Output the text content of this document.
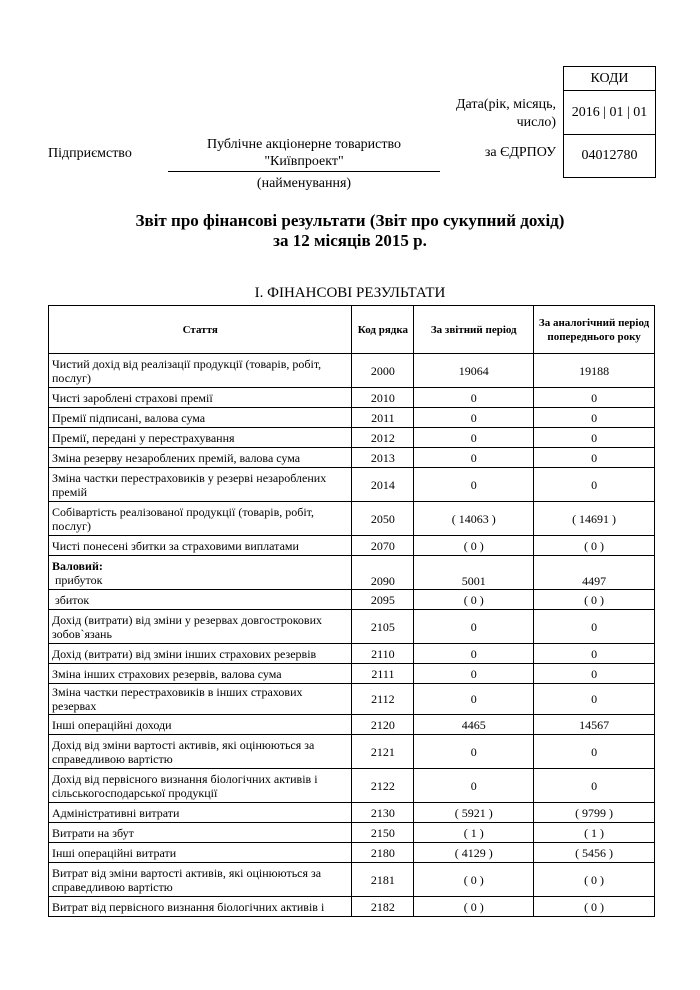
КОДИ
2016 | 01 | 01
04012780
Дата(рік, місяць,
число)
за ЄДРПОУ
Підприємство
Публічне акціонерне товариство
"Київпроект"
(найменування)
Звіт про фінансові результати (Звіт про сукупний дохід)
за 12 місяців 2015 р.
I. ФІНАНСОВІ РЕЗУЛЬТАТИ
Стаття	Код рядка	За звітний період	За аналогічний період попереднього року
Чистий дохід від реалізації продукції (товарів, робіт, послуг)	2000	19064	19188
Чисті зароблені страхові премії	2010	0	0
Премії підписані, валова сума	2011	0	0
Премії, передані у перестрахування	2012	0	0
Зміна резерву незароблених премій, валова сума	2013	0	0
Зміна частки перестраховиків у резерві незароблених премій	2014	0	0
Собівартість реалізованої продукції (товарів, робіт, послуг)	2050	( 14063 )	( 14691 )
Чисті понесені збитки за страховими виплатами	2070	( 0 )	( 0 )
Валовий:
прибуток	2090	5001	4497
збиток	2095	( 0 )	( 0 )
Дохід (витрати) від зміни у резервах довгострокових зобов`язань	2105	0	0
Дохід (витрати) від зміни інших страхових резервів	2110	0	0
Зміна інших страхових резервів, валова сума	2111	0	0
Зміна частки перестраховиків в інших страхових резервах	2112	0	0
Інші операційні доходи	2120	4465	14567
Дохід від зміни вартості активів, які оцінюються за справедливою вартістю	2121	0	0
Дохід від первісного визнання біологічних активів і сільськогосподарської продукції	2122	0	0
Адміністративні витрати	2130	( 5921 )	( 9799 )
Витрати на збут	2150	( 1 )	( 1 )
Інші операційні витрати	2180	( 4129 )	( 5456 )
Витрат від зміни вартості активів, які оцінюються за справедливою вартістю	2181	( 0 )	( 0 )
Витрат від первісного визнання біологічних активів і	2182	( 0 )	( 0 )
